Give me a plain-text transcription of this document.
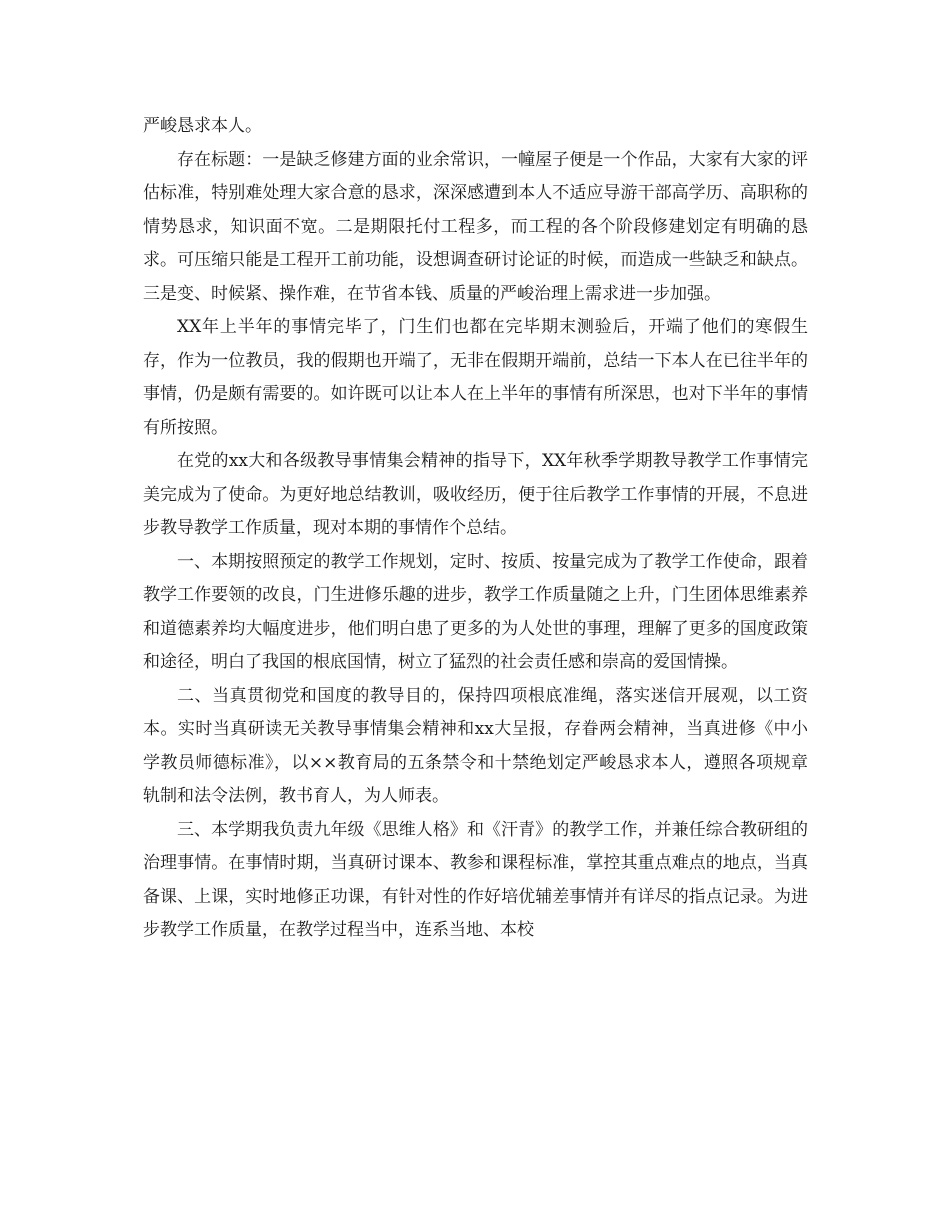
严峻恳求本人。

存在标题：一是缺乏修建方面的业余常识，一幢屋子便是一个作品，大家有大家的评估标准，特别难处理大家合意的恳求，深深感遭到本人不适应导游干部高学历、高职称的情势恳求，知识面不宽。二是期限托付工程多，而工程的各个阶段修建划定有明确的恳求。可压缩只能是工程开工前功能，设想调查研讨论证的时候，而造成一些缺乏和缺点。三是变、时候紧、操作难，在节省本钱、质量的严峻治理上需求进一步加强。

XX年上半年的事情完毕了，门生们也都在完毕期末测验后，开端了他们的寒假生存，作为一位教员，我的假期也开端了，无非在假期开端前，总结一下本人在已往半年的事情，仍是颇有需要的。如许既可以让本人在上半年的事情有所深思，也对下半年的事情有所按照。

在党的xx大和各级教导事情集会精神的指导下，XX年秋季学期教导教学工作事情完美完成为了使命。为更好地总结教训，吸收经历，便于往后教学工作事情的开展，不息进步教导教学工作质量，现对本期的事情作个总结。

一、本期按照预定的教学工作规划，定时、按质、按量完成为了教学工作使命，跟着教学工作要领的改良，门生进修乐趣的进步，教学工作质量随之上升，门生团体思维素养和道德素养均大幅度进步，他们明白患了更多的为人处世的事理，理解了更多的国度政策和途径，明白了我国的根底国情，树立了猛烈的社会责任感和崇高的爱国情操。

二、当真贯彻党和国度的教导目的，保持四项根底准绳，落实迷信开展观，以工资本。实时当真研读无关教导事情集会精神和xx大呈报，存眷两会精神，当真进修《中小学教员师德标准》，以××教育局的五条禁令和十禁绝划定严峻恳求本人，遵照各项规章轨制和法令法例，教书育人，为人师表。

三、本学期我负责九年级《思维人格》和《汗青》的教学工作，并兼任综合教研组的治理事情。在事情时期，当真研讨课本、教参和课程标准，掌控其重点难点的地点，当真备课、上课，实时地修正功课，有针对性的作好培优辅差事情并有详尽的指点记录。为进步教学工作质量，在教学过程当中，连系当地、本校
